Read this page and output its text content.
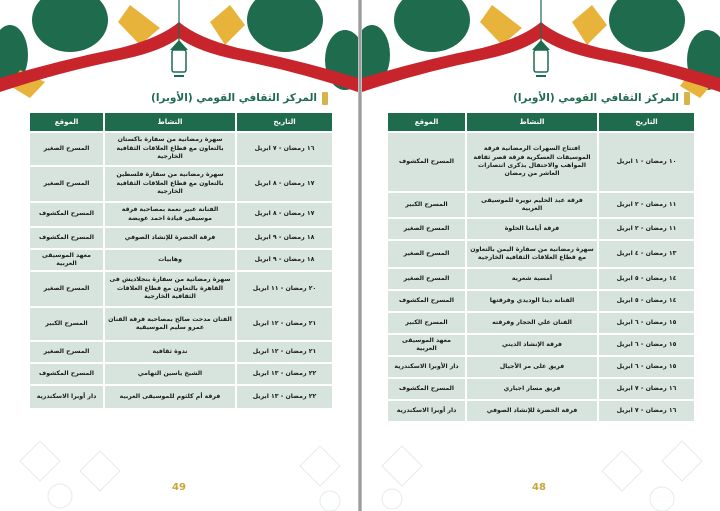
المركز الثقافي القومي (الأوبرا)
التاريخ	النشاط	الموقع
١٦ رمضان - ٧ ابريل	سهرة رمضانية من سفارة باكستان بالتعاون مع قطاع العلاقات الثقافية الخارجية	المسرح الصغير
١٧ رمضان - ٨ ابريل	سهرة رمضانية من سفارة فلسطين بالتعاون مع قطاع العلاقات الثقافية الخارجية	المسرح الصغير
١٧ رمضان - ٨ ابريل	الفنانة عبير نعمة بمصاحبة فرقة موسيقى قيادة احمد عويضة	المسرح المكشوف
١٨ رمضان - ٩ ابريل	فرقة الحضرة للإنشاد الصوفي	المسرح المكشوف
١٨ رمضان - ٩ ابريل	وهابيات	معهد الموسيقى العربية
٢٠ رمضان - ١١ ابريل	سهرة رمضانية من سفارة بنجلاديش فى القاهرة بالتعاون مع قطاع العلاقات الثقافية الخارجية	المسرح الصغير
٢١ رمضان - ١٢ ابريل	الفنان مدحت صالح بمصاحبة فرقة الفنان عمرو سليم الموسيقية	المسرح الكبير
٢١ رمضان - ١٢ ابريل	ندوة ثقافية	المسرح الصغير
٢٢ رمضان - ١٣ ابريل	الشيخ ياسين التهامي	المسرح المكشوف
٢٢ رمضان - ١٣ ابريل	فرقة أم كلثوم للموسيقى العربية	دار أوبرا الاسكندرية
49
المركز الثقافي القومي (الأوبرا)
التاريخ	النشاط	الموقع
١٠ رمضان - ١ ابريل	افتتاح السهرات الرمضانية فرقة الموسيقات العسكرية فرقة قصر ثقافة المواهب والاحتفال بذكرى انتصارات العاشر من رمضان	المسرح المكشوف
١١ رمضان - ٢ ابريل	فرقة عبد الحليم نويره للموسيقى العربية	المسرح الكبير
١١ رمضان - ٢ ابريل	فرقة أيامنا الحلوة	المسرح الصغير
١٣ رمضان - ٤ ابريل	سهرة رمضانية من سفارة اليمن بالتعاون مع قطاع العلاقات الثقافية الخارجية	المسرح الصغير
١٤ رمضان - ٥ ابريل	أمسية شعرية	المسرح الصغير
١٤ رمضان - ٥ ابريل	الفنانة دينا الوديدي وفرقتها	المسرح المكشوف
١٥ رمضان - ٦ ابريل	الفنان علي الحجار وفرقته	المسرح الكبير
١٥ رمضان - ٦ ابريل	فرقة الإنشاد الديني	معهد الموسيقى العربية
١٥ رمضان - ٦ ابريل	فريق على مر الأجيال	دار الأوبرا الاسكندرية
١٦ رمضان - ٧ ابريل	فريق مسار اجباري	المسرح المكشوف
١٦ رمضان - ٧ ابريل	فرقة الحضرة للإنشاد الصوفي	دار أوبرا الاسكندرية
48
